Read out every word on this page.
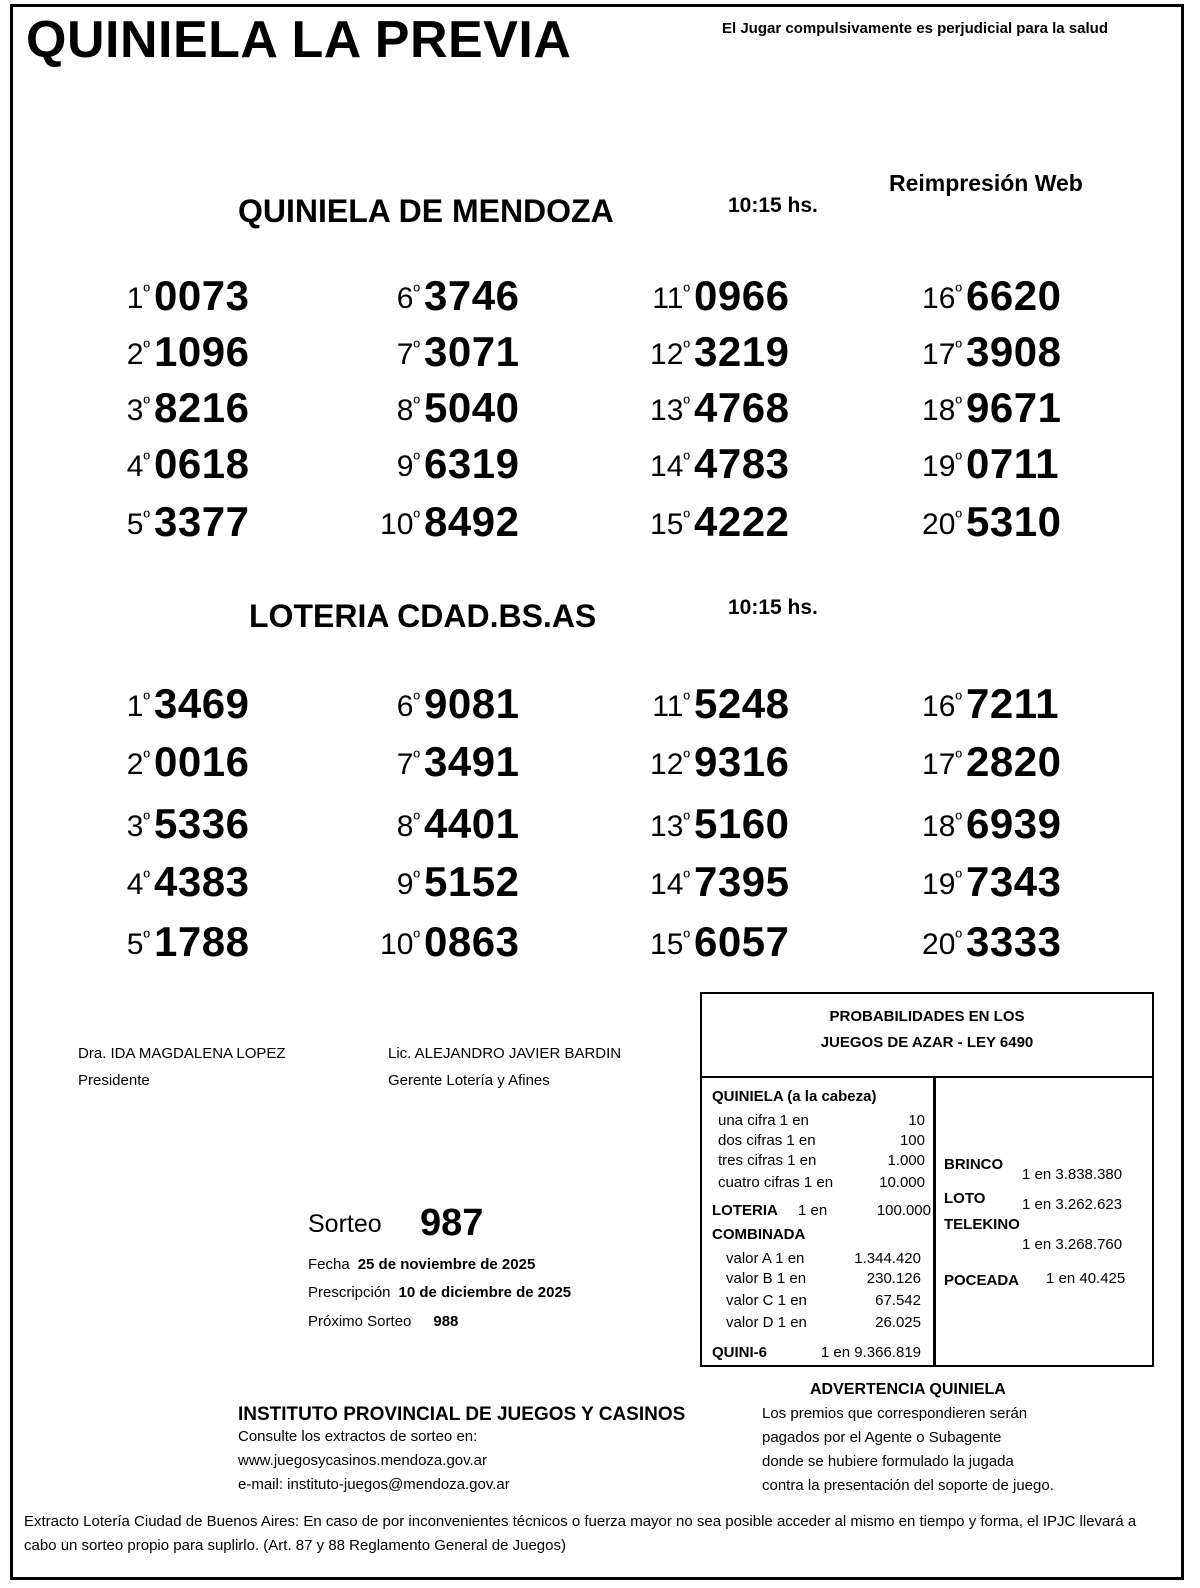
QUINIELA LA PREVIA	El Jugar compulsivamente es perjudicial para la salud
Reimpresión Web
QUINIELA DE MENDOZA	10:15 hs.
$1^º$ 0073
$2^º$ 1096
$3^º$ 8216
$4^º$ 0618
$5^º$ 3377
$6^º$ 3746
$7^º$ 3071
$8^º$ 5040
$9^º$ 6319
$10^º$ 8492
$11^º$ 0966
$12^º$ 3219
$13^º$ 4768
$14^º$ 4783
$15^º$ 4222
$16^º$ 6620
$17^º$ 3908
$18^º$ 9671
$19^º$ 0711
$20^º$ 5310
LOTERIA CDAD.BS.AS	10:15 hs.
$1^º$ 3469
$2^º$ 0016
$3^º$ 5336
$4^º$ 4383
$5^º$ 1788
$6^º$ 9081
$7^º$ 3491
$8^º$ 4401
$9^º$ 5152
$10^º$ 0863
$11^º$ 5248
$12^º$ 9316
$13^º$ 5160
$14^º$ 7395
$15^º$ 6057
$16^º$ 7211
$17^º$ 2820
$18^º$ 6939
$19^º$ 7343
$20^º$ 3333
Dra. IDA MAGDALENA LOPEZ
Presidente
Lic. ALEJANDRO JAVIER BARDIN
Gerente Lotería y Afines
Sorteo 987
Fecha 25 de noviembre de 2025
Prescripción 10 de diciembre de 2025
Próximo Sorteo 988
PROBABILIDADES EN LOS
JUEGOS DE AZAR - LEY 6490
QUINIELA (a la cabeza)
una cifra 1 en	10
dos cifras 1 en	100
tres cifras 1 en	1.000
cuatro cifras 1 en	10.000
LOTERIA 1 en	100.000
COMBINADA
valor A 1 en	1.344.420
valor B 1 en	230.126
valor C 1 en	67.542
valor D 1 en	26.025
QUINI-6	1 en 9.366.819
BRINCO
1 en 3.838.380
LOTO 1 en 3.262.623
TELEKINO
1 en 3.268.760
POCEADA 1 en 40.425
ADVERTENCIA QUINIELA
Los premios que correspondieren serán
pagados por el Agente o Subagente
donde se hubiere formulado la jugada
contra la presentación del soporte de juego.
INSTITUTO PROVINCIAL DE JUEGOS Y CASINOS
Consulte los extractos de sorteo en:
www.juegosycasinos.mendoza.gov.ar
e-mail: instituto-juegos@mendoza.gov.ar
Extracto Lotería Ciudad de Buenos Aires: En caso de por inconvenientes técnicos o fuerza mayor no sea posible acceder al mismo en tiempo y forma, el IPJC llevará a cabo un sorteo propio para suplirlo. (Art. 87 y 88 Reglamento General de Juegos)
